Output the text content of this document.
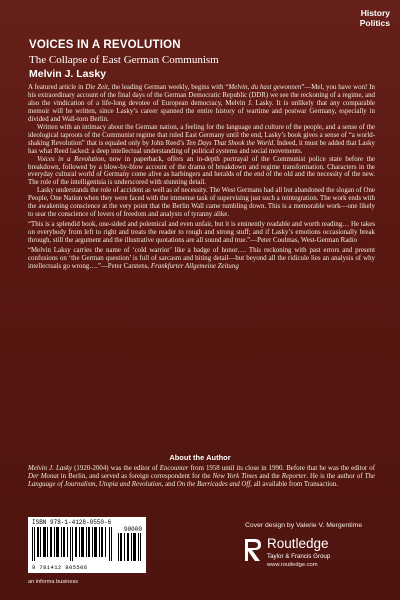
History
Politics
VOICES IN A REVOLUTION
The Collapse of East German Communism
Melvin J. Lasky

A featured article in Die Zeit, the leading German weekly, begins with “Melvin, du hast gewonnen”—Mel, you have won! In his extraordinary account of the final days of the German Democratic Republic (DDR) we see the reckoning of a regime, and also the vindication of a life-long devotee of European democracy, Melvin J. Lasky. It is unlikely that any comparable memoir will be written, since Lasky’s career spanned the entire history of wartime and postwar Germany, especially in divided and Wall-torn Berlin.

Written with an intimacy about the German nation, a feeling for the language and culture of the people, and a sense of the ideological taproots of the Communist regime that ruled East Germany until the end, Lasky’s book gives a sense of “a world-shaking Revolution” that is equaled only by John Reed’s Ten Days That Shook the World. Indeed, it must be added that Lasky has what Reed lacked: a deep intellectual understanding of political systems and social movements.

Voices in a Revolution, now in paperback, offers an in-depth portrayal of the Communist police state before the breakdown, followed by a blow-by-blow account of the drama of breakdown and regime transformation. Characters in the everyday cultural world of Germany come alive as harbingers and heralds of the end of the old and the necessity of the new. The role of the intelligentsia is underscored with stunning detail.

Lasky understands the role of accident as well as of necessity. The West Germans had all but abandoned the slogan of One People, One Nation when they were faced with the immense task of supervising just such a reintegration. The work ends with the awakening conscience at the very point that the Berlin Wall came tumbling down. This is a memorable work—one likely to sear the conscience of lovers of freedom and analysts of tyranny alike.

“This is a splendid book, one-sided and polemical and even unfair, but it is eminently readable and worth reading… He takes on everybody from left to right and treats the reader to rough and strong stuff; and if Lasky’s emotions occasionally break through, still the argument and the illustrative quotations are all sound and true.”—Peter Coulmas, West-German Radio

“Melvin Laksy carries the name of ‘cold warrior’ like a badge of honor…. This reckoning with past errors and present confusions on ‘the German question’ is full of sarcasm and biting detail—but beyond all the ridicule lies an analysis of why intellectuals go wrong….”—Peter Carstens, Frankfurter Allgemeine Zeitung

About the Author
Melvin J. Lasky (1920-2004) was the editor of Encounter from 1958 until its close in 1990. Before that he was the editor of Der Monat in Berlin, and served as foreign correspondent for the New York Times and the Reporter. He is the author of The Language of Journalism, Utopia and Revolution, and On the Barricades and Off, all available from Transaction.
ISBN 978-1-4128-0550-6
90000
9 781412 805506
Cover design by Valerie V. Mergentime
Routledge
Taylor & Francis Group
www.routledge.com
an informa business
